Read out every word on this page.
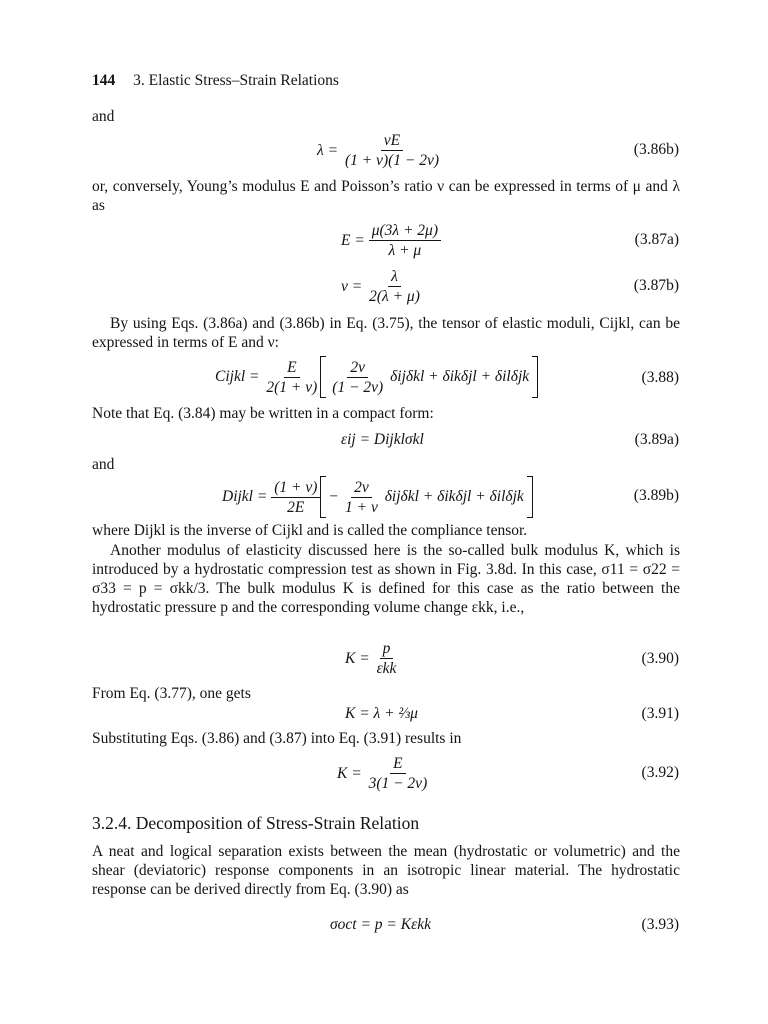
144 3. Elastic Stress–Strain Relations
and
λ =
$\frac{\nu E}{(1 + \nu)(1 - 2\nu)}$	(3.86b)
or, conversely, Young’s modulus E and Poisson’s ratio ν can be expressed in terms of μ and λ as
E =
$\frac{\mu(3\lambda + 2\mu)}{\lambda + \mu}$	(3.87a)
ν =
$\frac{\lambda}{2(\lambda + \mu)}$	(3.87b)
By using Eqs. (3.86a) and (3.86b) in Eq. (3.75), the tensor of elastic moduli, Cijkl, can be expressed in terms of E and ν:
Cijkl =
$\frac{E}{2(1 + \nu)} \frac{2\nu}{(1 - 2\nu)}$
δijδkl + δikδjl + δilδjk	(3.88)
Note that Eq. (3.84) may be written in a compact form:
εij = Dijklσkl	(3.89a)
and
Dijkl =
$\frac{(1 + \nu)}{2E}$ −
$\frac{2\nu}{1 + \nu}$
δijδkl + δikδjl + δilδjk	(3.89b)
where Dijkl is the inverse of Cijkl and is called the compliance tensor.
Another modulus of elasticity discussed here is the so-called bulk modulus K, which is introduced by a hydrostatic compression test as shown in Fig. 3.8d. In this case, σ11 = σ22 = σ33 = p = σkk/3. The bulk modulus K is defined for this case as the ratio between the hydrostatic pressure p and the corresponding volume change εkk, i.e.,
K =
$\frac{p}{\text{εkk}}$	(3.90)
From Eq. (3.77), one gets
K = λ + ⅔μ	(3.91)
Substituting Eqs. (3.86) and (3.87) into Eq. (3.91) results in
K =
$\frac{E}{3(1 - 2\nu)}$	(3.92)
3.2.4. Decomposition of Stress-Strain Relation
A neat and logical separation exists between the mean (hydrostatic or volumetric) and the shear (deviatoric) response components in an isotropic linear material. The hydrostatic response can be derived directly from Eq. (3.90) as
σoct = p = Kεkk	(3.93)
